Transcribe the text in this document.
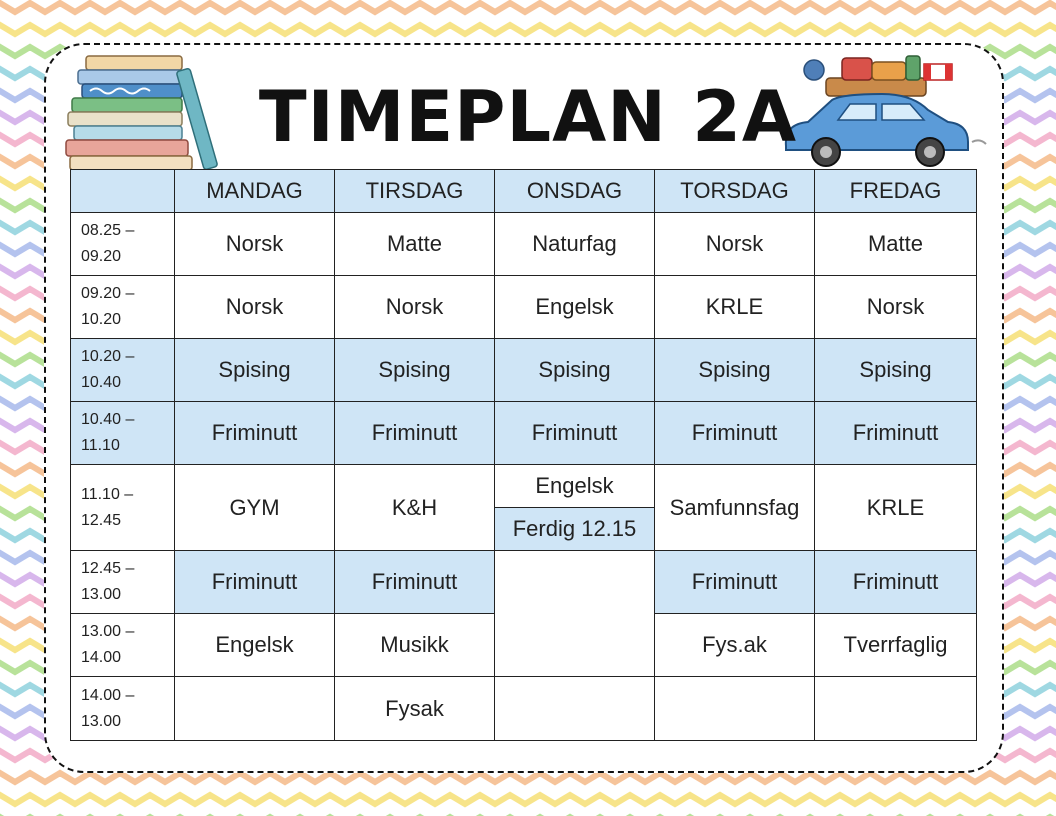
TIMEPLAN 2A
	MANDAG	TIRSDAG	ONSDAG	TORSDAG	FREDAG

08.25 –
09.20	Norsk	Matte	Naturfag	Norsk	Matte

09.20 –
10.20	Norsk	Norsk	Engelsk	KRLE	Norsk

10.20 –
10.40	Spising	Spising	Spising	Spising	Spising

10.40 –
11.10	Friminutt	Friminutt	Friminutt	Friminutt	Friminutt

11.10 –
12.45	GYM	K&H	Engelsk	Samfunnsfag	KRLE
			Ferdig 12.15		

12.45 –
13.00	Friminutt	Friminutt		Friminutt	Friminutt

13.00 –
14.00	Engelsk	Musikk		Fys.ak	Tverrfaglig

14.00 –
13.00		Fysak			
